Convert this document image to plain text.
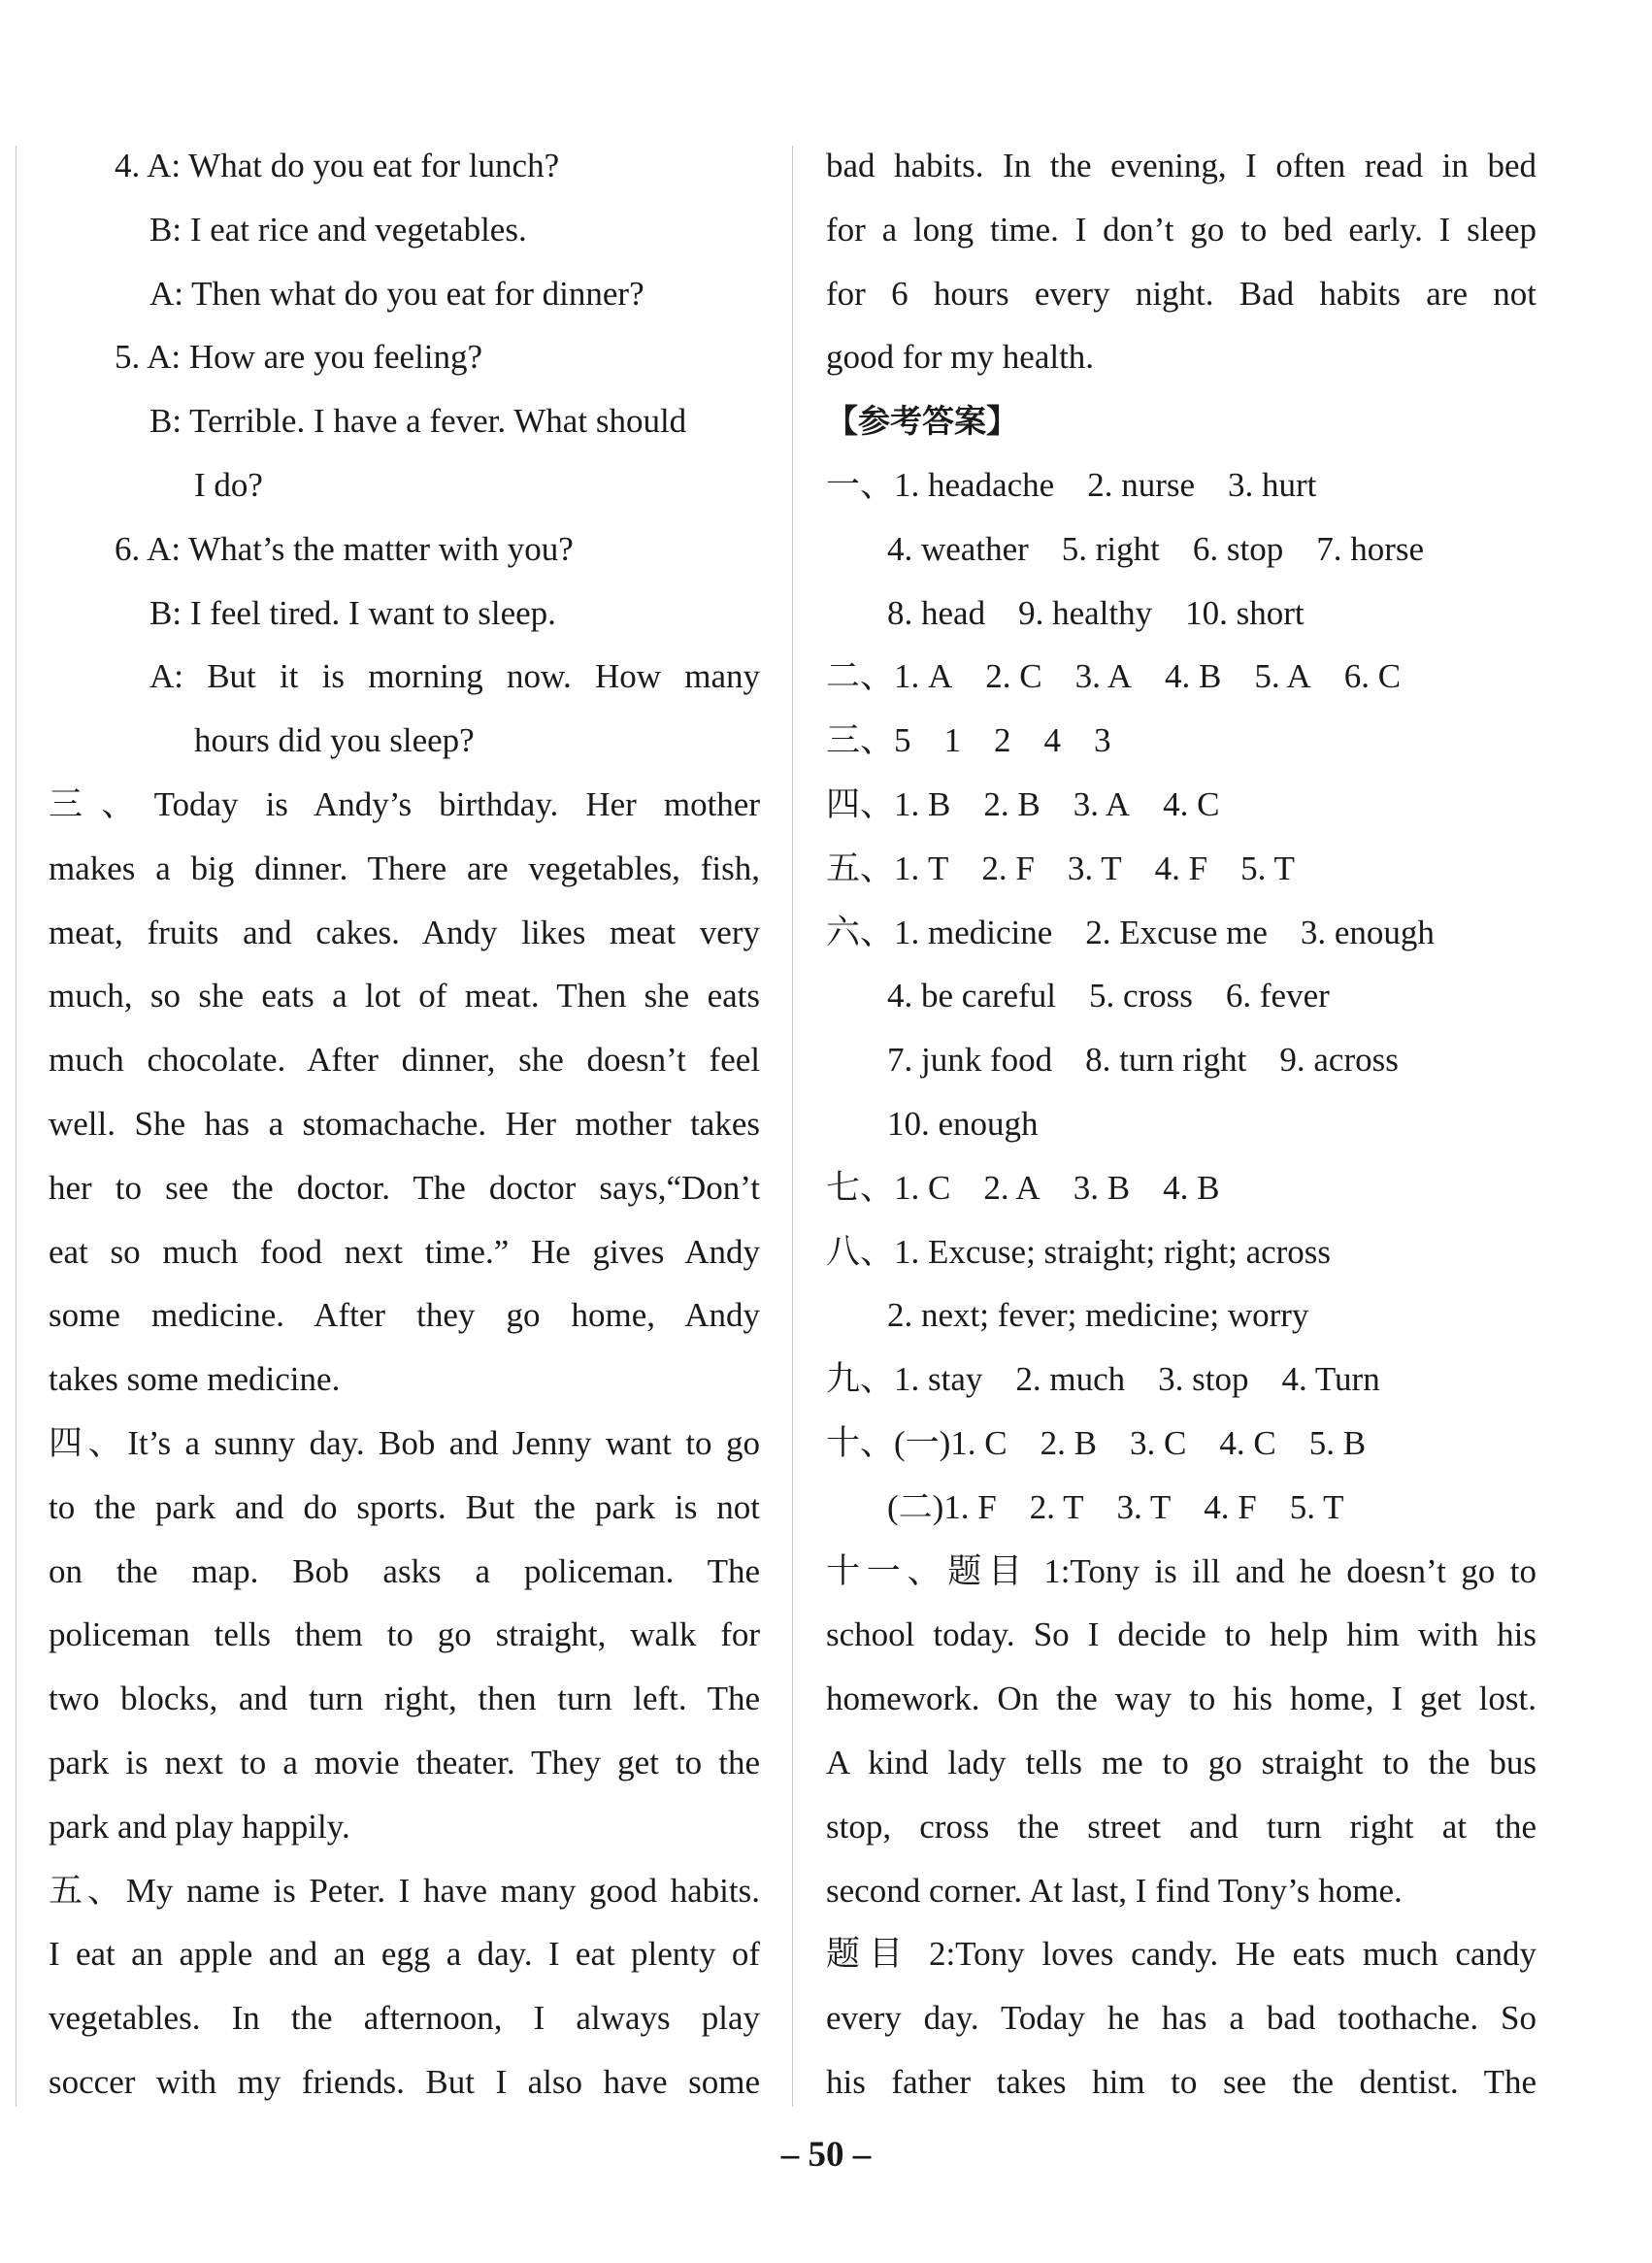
4. A: What do you eat for lunch?
B: I eat rice and vegetables.
A: Then what do you eat for dinner?
5. A: How are you feeling?
B: Terrible. I have a fever. What should
I do?
6. A: What’s the matter with you?
B: I feel tired. I want to sleep.
A: But it is morning now. How many
hours did you sleep?
三、Today is Andy’s birthday. Her mother
makes a big dinner. There are vegetables, fish,
meat, fruits and cakes. Andy likes meat very
much, so she eats a lot of meat. Then she eats
much chocolate. After dinner, she doesn’t feel
well. She has a stomachache. Her mother takes
her to see the doctor. The doctor says,“Don’t
eat so much food next time.” He gives Andy
some medicine. After they go home, Andy
takes some medicine.
四、It’s a sunny day. Bob and Jenny want to go
to the park and do sports. But the park is not
on the map. Bob asks a policeman. The
policeman tells them to go straight, walk for
two blocks, and turn right, then turn left. The
park is next to a movie theater. They get to the
park and play happily.
五、My name is Peter. I have many good habits.
I eat an apple and an egg a day. I eat plenty of
vegetables. In the afternoon, I always play
soccer with my friends. But I also have some
bad habits. In the evening, I often read in bed
for a long time. I don’t go to bed early. I sleep
for 6 hours every night. Bad habits are not
good for my health.
【参考答案】
一、1. headache 2. nurse 3. hurt
4. weather 5. right 6. stop 7. horse
8. head 9. healthy 10. short
二、1. A 2. C 3. A 4. B 5. A 6. C
三、5 1 2 4 3
四、1. B 2. B 3. A 4. C
五、1. T 2. F 3. T 4. F 5. T
六、1. medicine 2. Excuse me 3. enough
4. be careful 5. cross 6. fever
7. junk food 8. turn right 9. across
10. enough
七、1. C 2. A 3. B 4. B
八、1. Excuse; straight; right; across
2. next; fever; medicine; worry
九、1. stay 2. much 3. stop 4. Turn
十、(一)1. C 2. B 3. C 4. C 5. B
(二)1. F 2. T 3. T 4. F 5. T
十一、题目 1:Tony is ill and he doesn’t go to
school today. So I decide to help him with his
homework. On the way to his home, I get lost.
A kind lady tells me to go straight to the bus
stop, cross the street and turn right at the
second corner. At last, I find Tony’s home.
题目 2:Tony loves candy. He eats much candy
every day. Today he has a bad toothache. So
his father takes him to see the dentist. The
– 50 –
